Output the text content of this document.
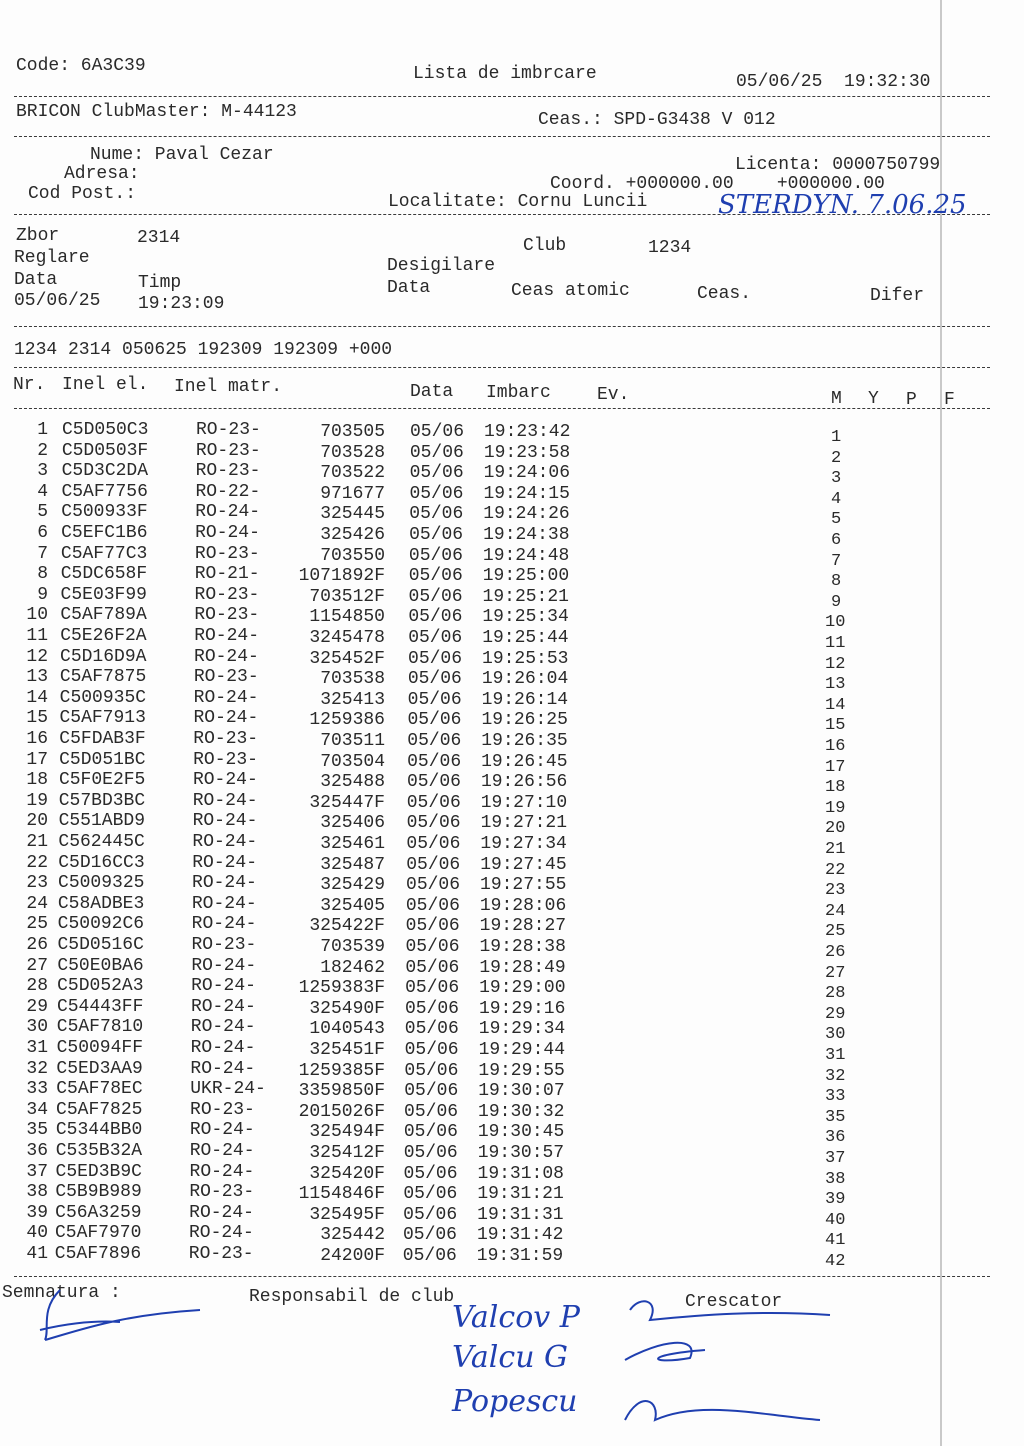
Code: 6A3C39	Lista de imbrcare	05/06/25  19:32:30
BRICON ClubMaster: M-44123	Ceas.: SPD-G3438 V 012
Nume: Paval Cezar
Adresa:
Cod Post.:
Licenta: 0000750799
Coord. +000000.00    +000000.00
Localitate: Cornu Luncii	STERDYN. 7.06.25
Zbor	2314	Club	1234
Reglare	Desigilare
Data	Timp	Data	Ceas atomic	Ceas.	Difer
05/06/25 19:23:09
1234 2314 050625 192309 192309 +000
Nr. Inel el. Inel matr.	Data Imbarc	Ev.	M Y P F
1 C5D050C3	RO-23-	703505 05/06 19:23:42	1
2 C5D0503F	RO-23-	703528 05/06 19:23:58	2
3 C5D3C2DA	RO-23-	703522 05/06 19:24:06	3
4 C5AF7756	RO-22-	971677 05/06 19:24:15	4
5 C500933F	RO-24-	325445 05/06 19:24:26	5
6 C5EFC1B6	RO-24-	325426 05/06 19:24:38	6
7 C5AF77C3	RO-23-	703550 05/06 19:24:48	7
8 C5DC658F	RO-21- 1071892F 05/06 19:25:00	8
9 C5E03F99	RO-23-	703512F 05/06 19:25:21	9
10 C5AF789A	RO-23-	1154850 05/06 19:25:34	10
11 C5E26F2A	RO-24-	3245478 05/06 19:25:44	11
12 C5D16D9A	RO-24-	325452F 05/06 19:25:53	12
13 C5AF7875	RO-23-	703538 05/06 19:26:04	13
14 C500935C	RO-24-	325413 05/06 19:26:14	14
15 C5AF7913	RO-24-	1259386 05/06 19:26:25	15
16 C5FDAB3F	RO-23-	703511 05/06 19:26:35	16
17 C5D051BC	RO-23-	703504 05/06 19:26:45	17
18 C5F0E2F5	RO-24-	325488 05/06 19:26:56	18
19 C57BD3BC	RO-24-	325447F 05/06 19:27:10	19
20 C551ABD9	RO-24-	325406 05/06 19:27:21	20
21 C562445C	RO-24-	325461 05/06 19:27:34	21
22 C5D16CC3	RO-24-	325487 05/06 19:27:45	22
23 C5009325	RO-24-	325429 05/06 19:27:55	23
24 C58ADBE3	RO-24-	325405 05/06 19:28:06	24
25 C50092C6	RO-24-	325422F 05/06 19:28:27	25
26 C5D0516C	RO-23-	703539 05/06 19:28:38	26
27 C50E0BA6	RO-24-	182462 05/06 19:28:49	27
28 C5D052A3	RO-24- 1259383F 05/06 19:29:00	28
29 C54443FF	RO-24-	325490F 05/06 19:29:16	29
30 C5AF7810	RO-24-	1040543 05/06 19:29:34	30
31 C50094FF	RO-24-	325451F 05/06 19:29:44	31
32 C5ED3AA9	RO-24- 1259385F 05/06 19:29:55	32
33 C5AF78EC	UKR-24- 3359850F 05/06 19:30:07	33
34 C5AF7825	RO-23- 2015026F 05/06 19:30:32	35
35 C5344BB0	RO-24-	325494F 05/06 19:30:45	36
36 C535B32A	RO-24-	325412F 05/06 19:30:57	37
37 C5ED3B9C	RO-24-	325420F 05/06 19:31:08	38
38 C5B9B989	RO-23- 1154846F 05/06 19:31:21	39
39 C56A3259	RO-24-	325495F 05/06 19:31:31	40
40 C5AF7970	RO-24-	325442 05/06 19:31:42	41
41 C5AF7896	RO-23-	24200F 05/06 19:31:59	42
Semnatura :	Responsabil de club	Crescator
Valcov P
Valcu G
Popescu
